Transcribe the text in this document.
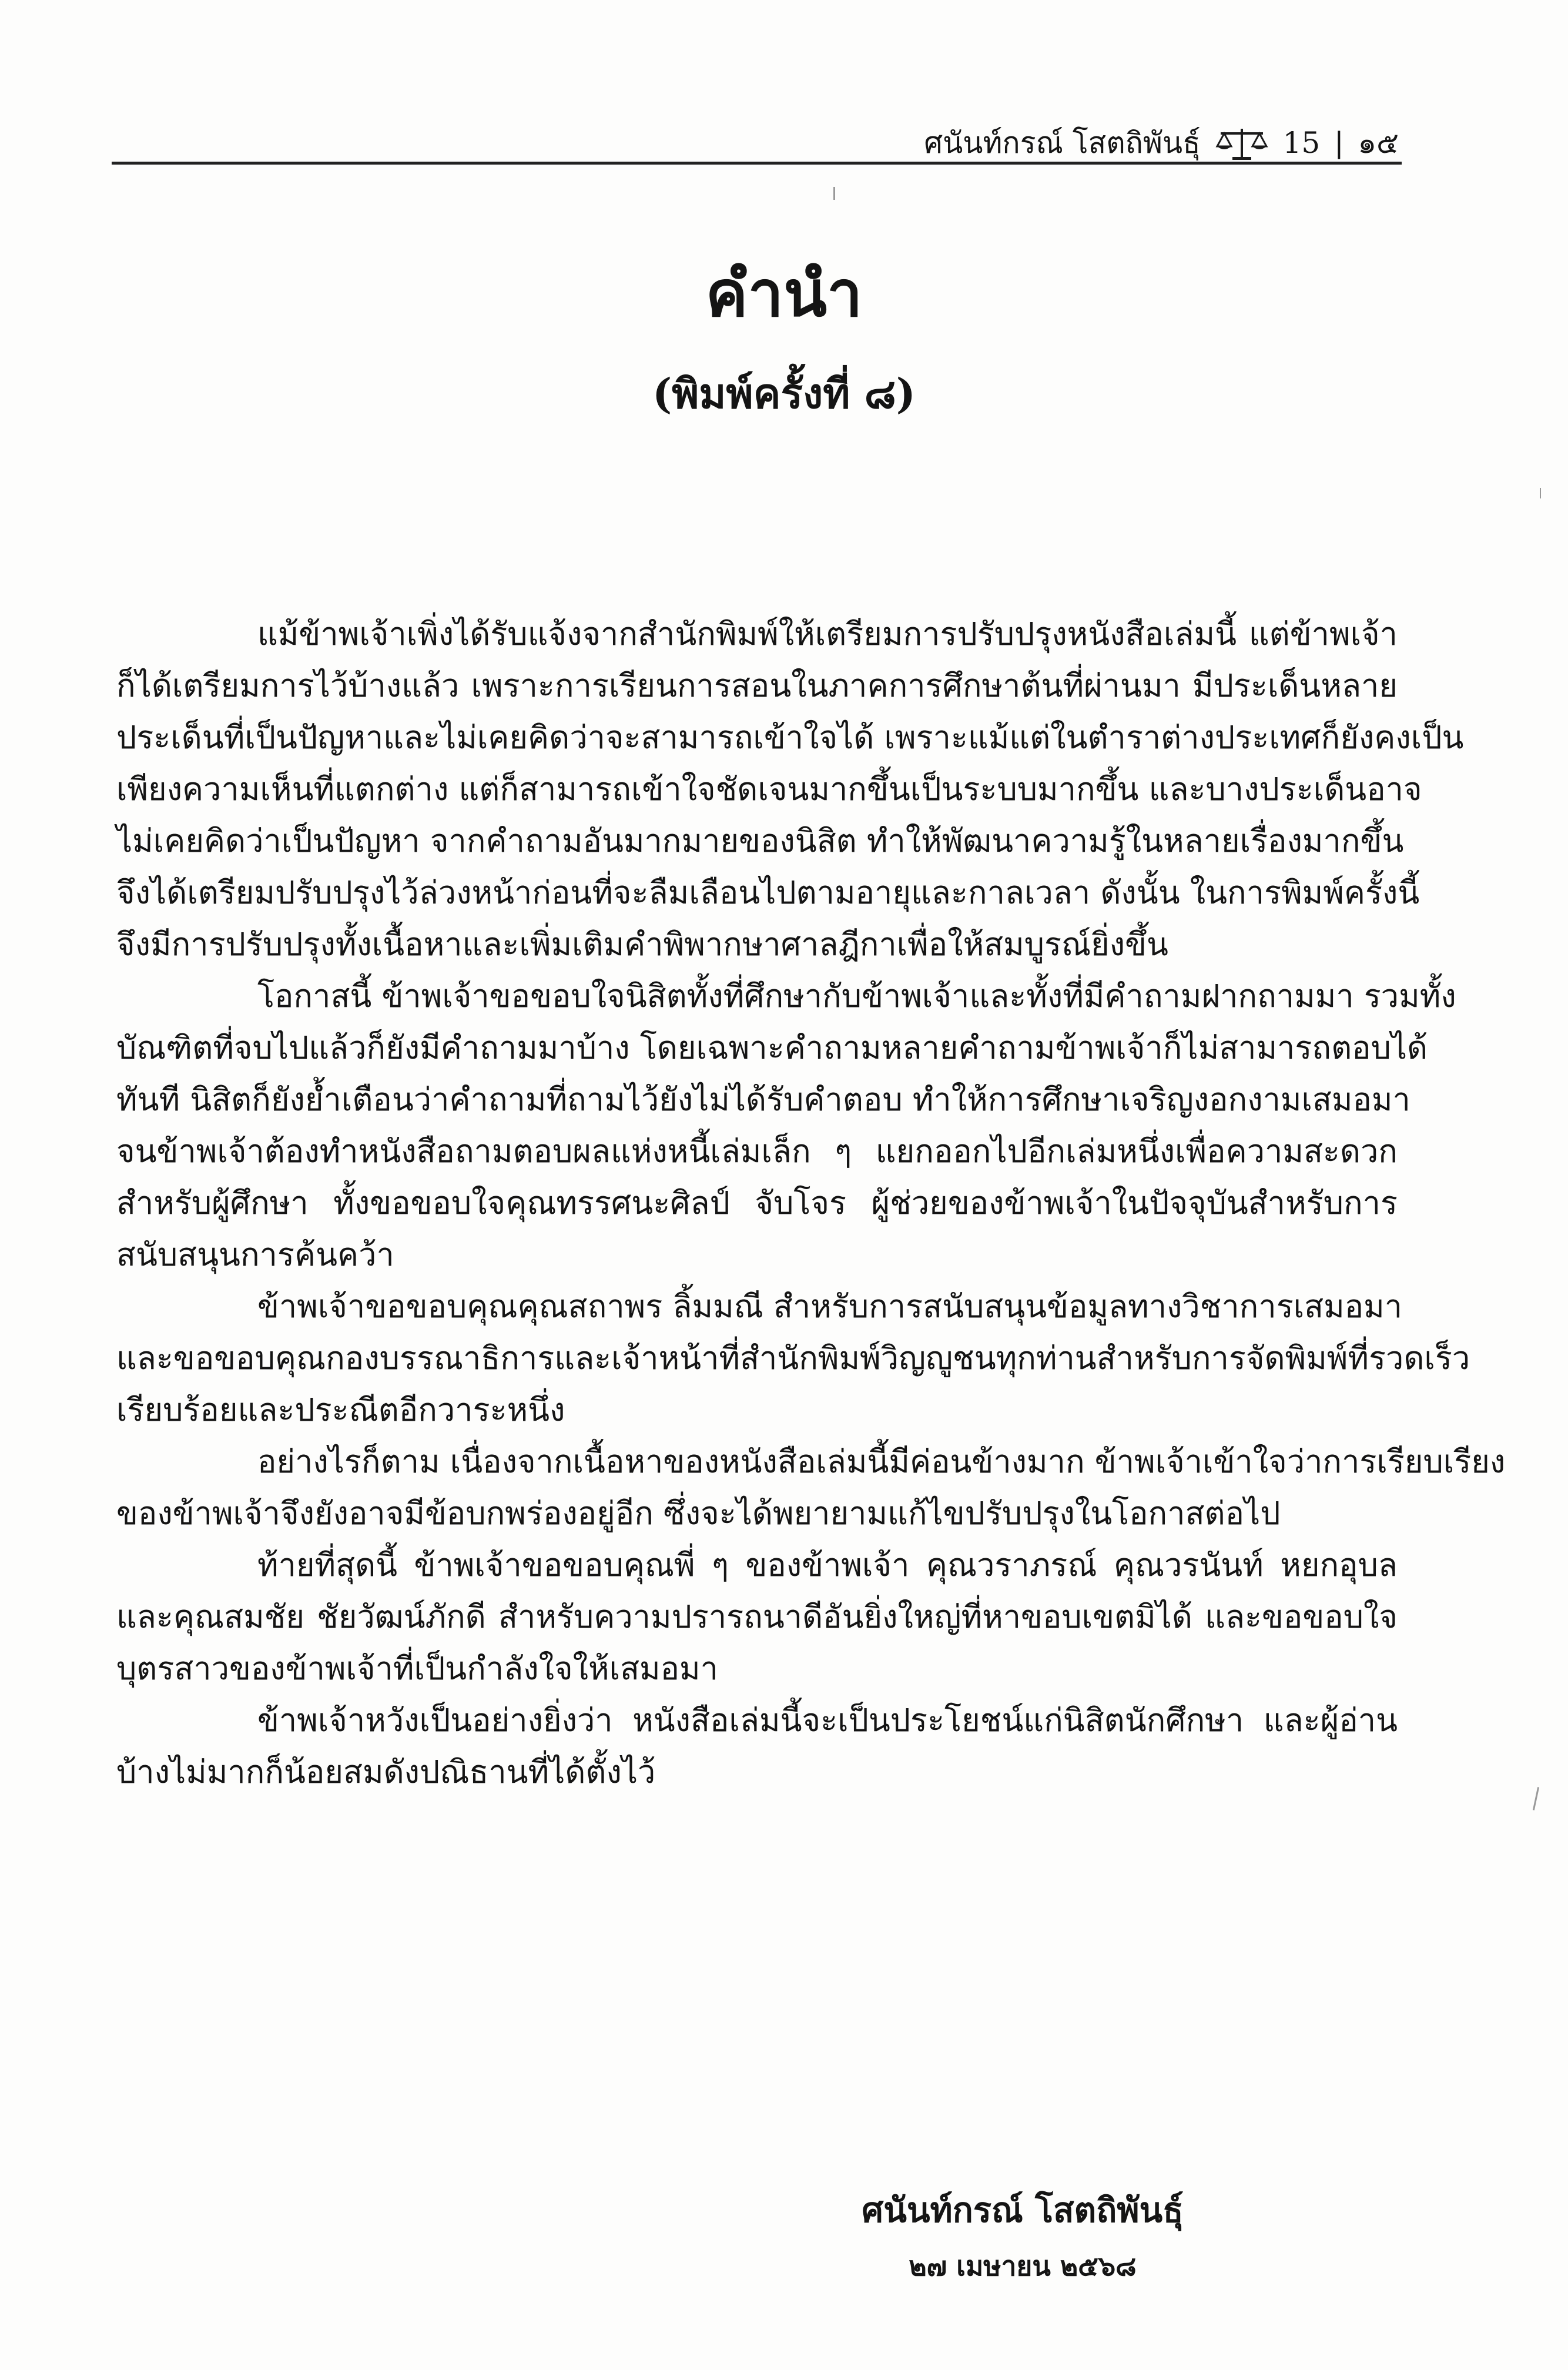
ศนันท์กรณ์ โสตถิพันธุ์	15 | ๑๕
คำนำ
(พิมพ์ครั้งที่ ๘)
แม้ข้าพเจ้าเพิ่งได้รับแจ้งจากสำนักพิมพ์ให้เตรียมการปรับปรุงหนังสือเล่มนี้ แต่ข้าพเจ้า
ก็ได้เตรียมการไว้บ้างแล้ว เพราะการเรียนการสอนในภาคการศึกษาต้นที่ผ่านมา มีประเด็นหลาย
ประเด็นที่เป็นปัญหาและไม่เคยคิดว่าจะสามารถเข้าใจได้ เพราะแม้แต่ในตำราต่างประเทศก็ยังคงเป็น
เพียงความเห็นที่แตกต่าง แต่ก็สามารถเข้าใจชัดเจนมากขึ้นเป็นระบบมากขึ้น และบางประเด็นอาจ
ไม่เคยคิดว่าเป็นปัญหา จากคำถามอันมากมายของนิสิต ทำให้พัฒนาความรู้ในหลายเรื่องมากขึ้น
จึงได้เตรียมปรับปรุงไว้ล่วงหน้าก่อนที่จะลืมเลือนไปตามอายุและกาลเวลา ดังนั้น ในการพิมพ์ครั้งนี้
จึงมีการปรับปรุงทั้งเนื้อหาและเพิ่มเติมคำพิพากษาศาลฎีกาเพื่อให้สมบูรณ์ยิ่งขึ้น
โอกาสนี้ ข้าพเจ้าขอขอบใจนิสิตทั้งที่ศึกษากับข้าพเจ้าและทั้งที่มีคำถามฝากถามมา รวมทั้ง
บัณฑิตที่จบไปแล้วก็ยังมีคำถามมาบ้าง โดยเฉพาะคำถามหลายคำถามข้าพเจ้าก็ไม่สามารถตอบได้
ทันที นิสิตก็ยังย้ำเตือนว่าคำถามที่ถามไว้ยังไม่ได้รับคำตอบ ทำให้การศึกษาเจริญงอกงามเสมอมา
จนข้าพเจ้าต้องทำหนังสือถามตอบผลแห่งหนี้เล่มเล็ก ๆ แยกออกไปอีกเล่มหนึ่งเพื่อความสะดวก
สำหรับผู้ศึกษา ทั้งขอขอบใจคุณทรรศนะศิลป์ จับโจร ผู้ช่วยของข้าพเจ้าในปัจจุบันสำหรับการ
สนับสนุนการค้นคว้า
ข้าพเจ้าขอขอบคุณคุณสถาพร ลิ้มมณี สำหรับการสนับสนุนข้อมูลทางวิชาการเสมอมา
และขอขอบคุณกองบรรณาธิการและเจ้าหน้าที่สำนักพิมพ์วิญญูชนทุกท่านสำหรับการจัดพิมพ์ที่รวดเร็ว
เรียบร้อยและประณีตอีกวาระหนึ่ง
อย่างไรก็ตาม เนื่องจากเนื้อหาของหนังสือเล่มนี้มีค่อนข้างมาก ข้าพเจ้าเข้าใจว่าการเรียบเรียง
ของข้าพเจ้าจึงยังอาจมีข้อบกพร่องอยู่อีก ซึ่งจะได้พยายามแก้ไขปรับปรุงในโอกาสต่อไป
ท้ายที่สุดนี้ ข้าพเจ้าขอขอบคุณพี่ ๆ ของข้าพเจ้า คุณวราภรณ์ คุณวรนันท์ หยกอุบล
และคุณสมชัย ชัยวัฒน์ภักดี สำหรับความปรารถนาดีอันยิ่งใหญ่ที่หาขอบเขตมิได้ และขอขอบใจ
บุตรสาวของข้าพเจ้าที่เป็นกำลังใจให้เสมอมา
ข้าพเจ้าหวังเป็นอย่างยิ่งว่า หนังสือเล่มนี้จะเป็นประโยชน์แก่นิสิตนักศึกษา และผู้อ่าน
บ้างไม่มากก็น้อยสมดังปณิธานที่ได้ตั้งไว้
ศนันท์กรณ์ โสตถิพันธุ์
๒๗ เมษายน ๒๕๖๘
